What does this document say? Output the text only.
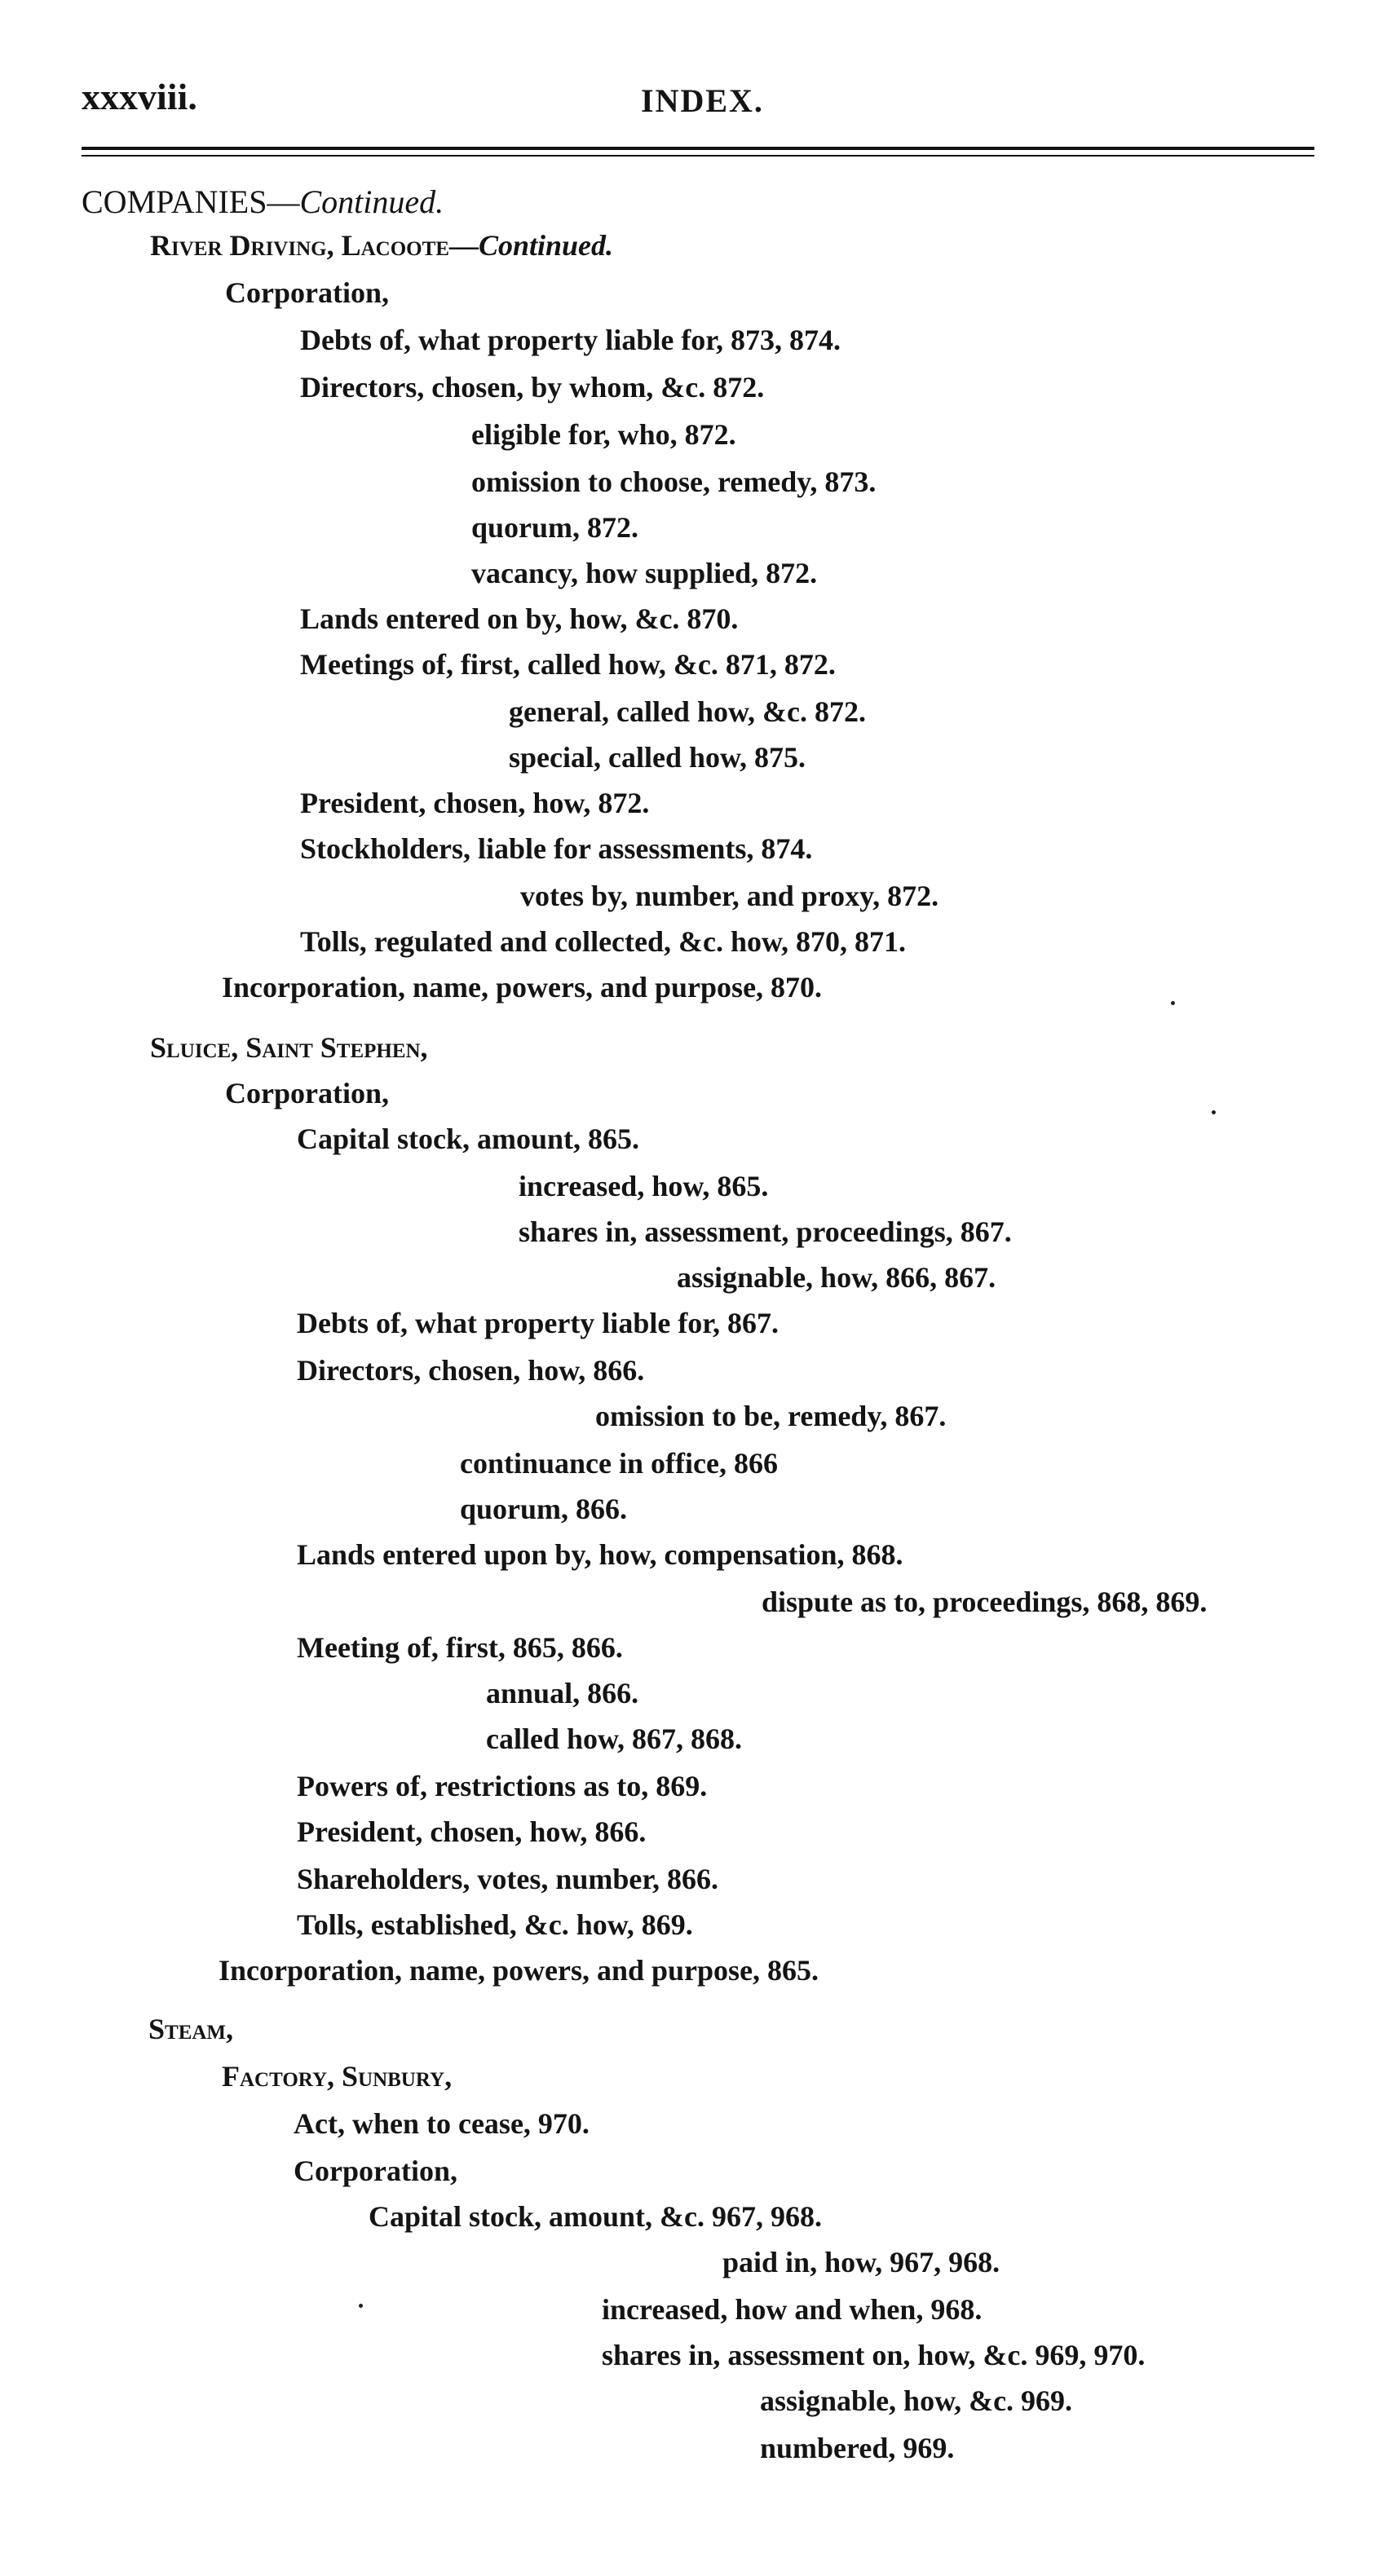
xxxviii.	INDEX.
COMPANIES—Continued.
River Driving, Lacoote—Continued.
Corporation,
Debts of, what property liable for, 873, 874.
Directors, chosen, by whom, &c. 872.
eligible for, who, 872.
omission to choose, remedy, 873.
quorum, 872.
vacancy, how supplied, 872.
Lands entered on by, how, &c. 870.
Meetings of, first, called how, &c. 871, 872.
general, called how, &c. 872.
special, called how, 875.
President, chosen, how, 872.
Stockholders, liable for assessments, 874.
votes by, number, and proxy, 872.
Tolls, regulated and collected, &c. how, 870, 871.
Incorporation, name, powers, and purpose, 870.
Sluice, Saint Stephen,
Corporation,
Capital stock, amount, 865.
increased, how, 865.
shares in, assessment, proceedings, 867.
assignable, how, 866, 867.
Debts of, what property liable for, 867.
Directors, chosen, how, 866.
omission to be, remedy, 867.
continuance in office, 866
quorum, 866.
Lands entered upon by, how, compensation, 868.
dispute as to, proceedings, 868, 869.
Meeting of, first, 865, 866.
annual, 866.
called how, 867, 868.
Powers of, restrictions as to, 869.
President, chosen, how, 866.
Shareholders, votes, number, 866.
Tolls, established, &c. how, 869.
Incorporation, name, powers, and purpose, 865.
Steam,
Factory, Sunbury,
Act, when to cease, 970.
Corporation,
Capital stock, amount, &c. 967, 968.
paid in, how, 967, 968.
increased, how and when, 968.
shares in, assessment on, how, &c. 969, 970.
assignable, how, &c. 969.
numbered, 969.
